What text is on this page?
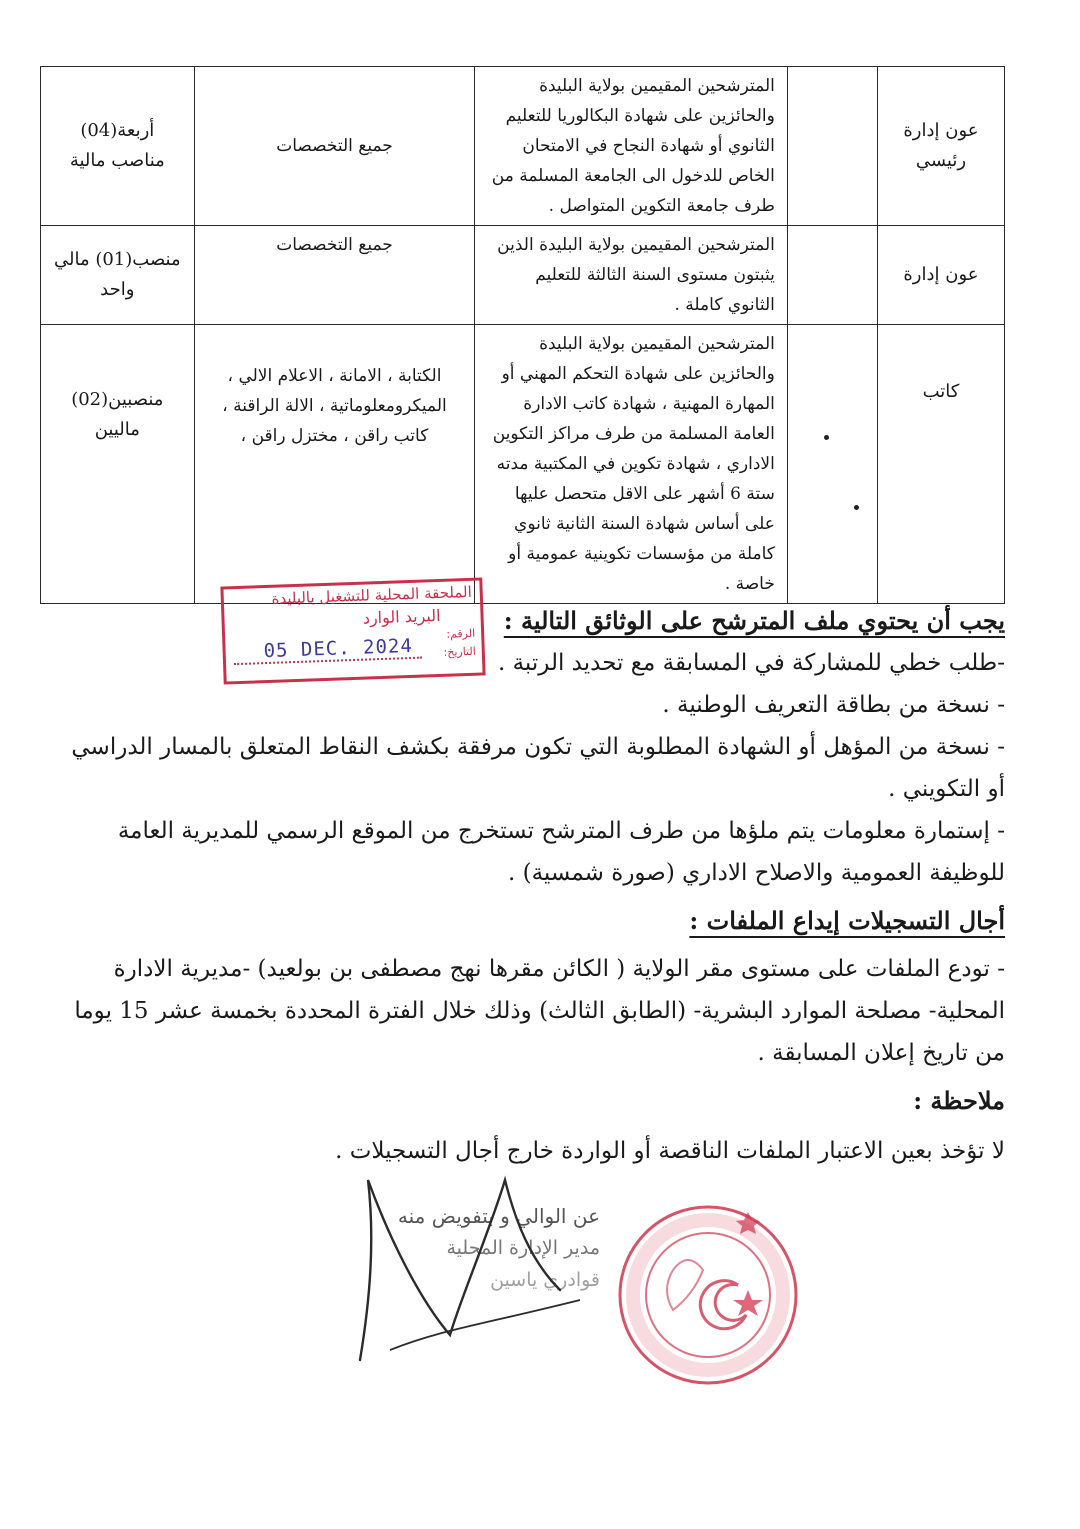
عون إدارة رئيسي		المترشحين المقيمين بولاية البليدة والحائزين على شهادة البكالوريا للتعليم الثانوي أو شهادة النجاح في الامتحان الخاص للدخول الى الجامعة المسلمة من طرف جامعة التكوين المتواصل .	جميع التخصصات	أربعة(04) مناصب مالية
عون إدارة		المترشحين المقيمين بولاية البليدة الذين يثبتون مستوى السنة الثالثة للتعليم الثانوي كاملة .	جميع التخصصات	منصب(01) مالي واحد
كاتب		المترشحين المقيمين بولاية البليدة والحائزين على شهادة التحكم المهني أو المهارة المهنية ، شهادة كاتب الادارة العامة المسلمة من طرف مراكز التكوين الاداري ، شهادة تكوين في المكتبية مدته ستة 6 أشهر على الاقل متحصل عليها على أساس شهادة السنة الثانية ثانوي كاملة من مؤسسات تكوينية عمومية أو خاصة .	الكتابة ، الامانة ، الاعلام الالي ، الميكرومعلوماتية ، الالة الراقنة ، كاتب راقن ، مختزل راقن ،	منصبين(02) ماليين
الملحقة المحلية للتشغيل بالبليدة
البريد الوارد
الرقم:
التاريخ:
05 DEC. 2024

يجب أن يحتوي ملف المترشح على الوثائق التالية :

-طلب خطي للمشاركة في المسابقة مع تحديد الرتبة .

- نسخة من بطاقة التعريف الوطنية .

- نسخة من المؤهل أو الشهادة المطلوبة التي تكون مرفقة بكشف النقاط المتعلق بالمسار الدراسي أو التكويني .

- إستمارة معلومات يتم ملؤها من طرف المترشح تستخرج من الموقع الرسمي للمديرية العامة للوظيفة العمومية والاصلاح الاداري (صورة شمسية) .

أجال التسجيلات إيداع الملفات :

- تودع الملفات على مستوى مقر الولاية ( الكائن مقرها نهج مصطفى بن بولعيد) -مديرية الادارة المحلية- مصلحة الموارد البشرية- (الطابق الثالث) وذلك خلال الفترة المحددة بخمسة عشر 15 يوما من تاريخ إعلان المسابقة .

ملاحظة :

لا تؤخذ بعين الاعتبار الملفات الناقصة أو الواردة خارج أجال التسجيلات .

عن الوالي و بتفويض منه
مدير الإدارة المحلية
قوادري ياسين
